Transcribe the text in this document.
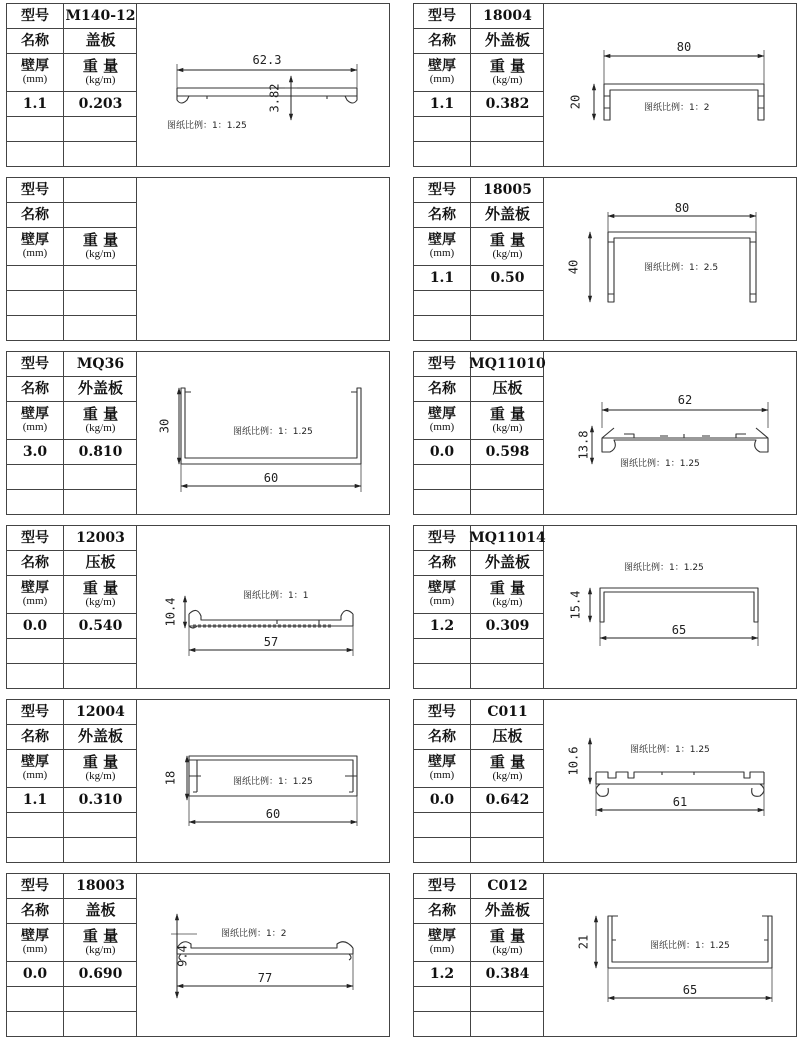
型号 M140-12
名称 盖板
壁厚
(mm)
重 量
(kg/m)
1.1 0.203
62.3
3.82
图纸比例：1：1.25
型号 18004
名称 外盖板
壁厚
(mm)
重 量
(kg/m)
1.1 0.382
80
20	图纸比例：1：2
型号
名称
壁厚
(mm)
重 量
(kg/m)
型号 18005
名称 外盖板
壁厚
(mm)
重 量
(kg/m)
1.1	0.50
80
40	图纸比例：1：2.5
型号 MQ36
名称 外盖板
壁厚
(mm)
重 量
(kg/m)
3.0 0.810
60
30	图纸比例：1：1.25
型号 MQ11010
名称 压板
壁厚
(mm)
重 量
(kg/m)
0.0 0.598
62
13.8
图纸比例：1：1.25
型号 12003
名称 压板
壁厚
(mm)
重 量
(kg/m)
0.0 0.540
57
10.4
图纸比例：1：1
型号 MQ11014
名称 外盖板
壁厚
(mm)
重 量
(kg/m)
1.2 0.309	65
15.4
图纸比例：1：1.25
型号 12004
名称 外盖板
壁厚
(mm)
重 量
(kg/m)
1.1 0.310
60
18	图纸比例：1：1.25
型号 C011
名称 压板
壁厚
(mm)
重 量
(kg/m)
0.0 0.642	61
10.6	图纸比例：1：1.25
型号 18003
名称 盖板
壁厚
(mm)
重 量
(kg/m)
0.0 0.690	77
9.4
图纸比例：1：2
型号 C012
名称 外盖板
壁厚
(mm)
重 量
(kg/m)
1.2 0.384
65
21	图纸比例：1：1.25
